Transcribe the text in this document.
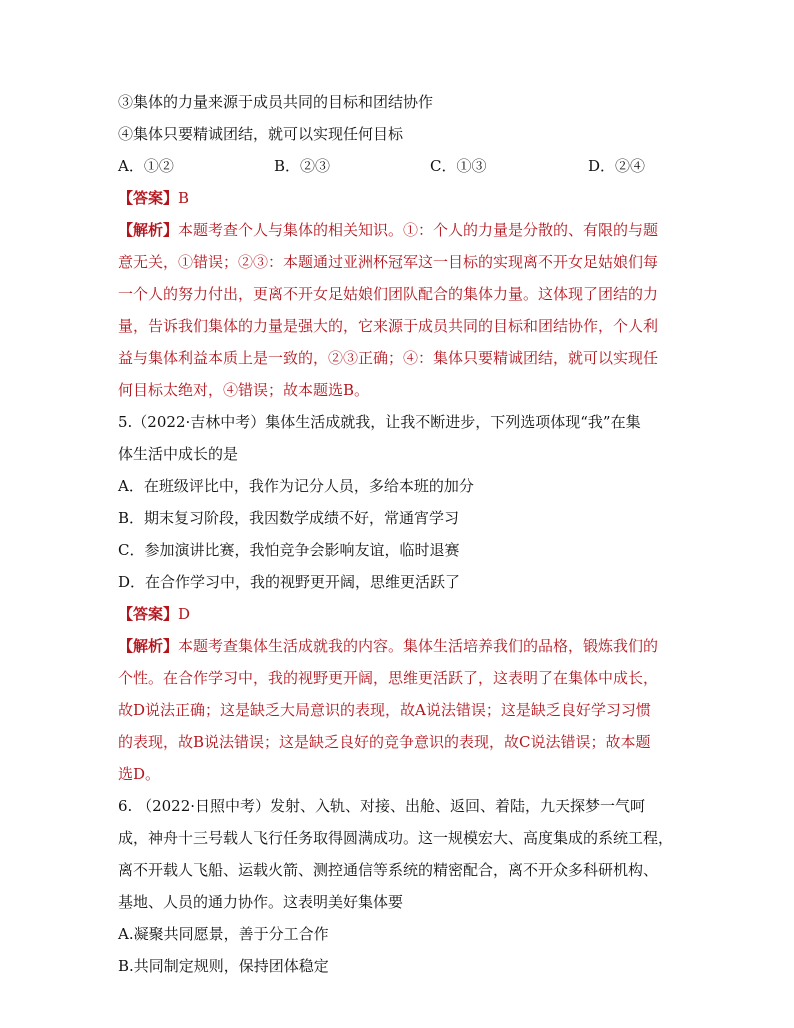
③集体的力量来源于成员共同的目标和团结协作
④集体只要精诚团结，就可以实现任何目标
A．①②	B．②③	C．①③	D．②④
【答案】B
【解析】本题考查个人与集体的相关知识。①：个人的力量是分散的、有限的与题
意无关，①错误；②③：本题通过亚洲杯冠军这一目标的实现离不开女足姑娘们每
一个人的努力付出，更离不开女足姑娘们团队配合的集体力量。这体现了团结的力
量，告诉我们集体的力量是强大的，它来源于成员共同的目标和团结协作，个人利
益与集体利益本质上是一致的，②③正确；④：集体只要精诚团结，就可以实现任
何目标太绝对，④错误；故本题选B。
5.（2022·吉林中考）集体生活成就我，让我不断进步，下列选项体现“我”在集
体生活中成长的是
A．在班级评比中，我作为记分人员，多给本班的加分
B．期末复习阶段，我因数学成绩不好，常通宵学习
C．参加演讲比赛，我怕竞争会影响友谊，临时退赛
D．在合作学习中，我的视野更开阔，思维更活跃了
【答案】D
【解析】本题考查集体生活成就我的内容。集体生活培养我们的品格，锻炼我们的
个性。在合作学习中，我的视野更开阔，思维更活跃了，这表明了在集体中成长，
故D说法正确；这是缺乏大局意识的表现，故A说法错误；这是缺乏良好学习习惯
的表现，故B说法错误；这是缺乏良好的竞争意识的表现，故C说法错误；故本题
选D。
6. （2022·日照中考）发射、入轨、对接、出舱、返回、着陆，九天探梦一气呵
成，神舟十三号载人飞行任务取得圆满成功。这一规模宏大、高度集成的系统工程，
离不开载人飞船、运载火箭、测控通信等系统的精密配合，离不开众多科研机构、
基地、人员的通力协作。这表明美好集体要
A.凝聚共同愿景，善于分工合作
B.共同制定规则，保持团体稳定
